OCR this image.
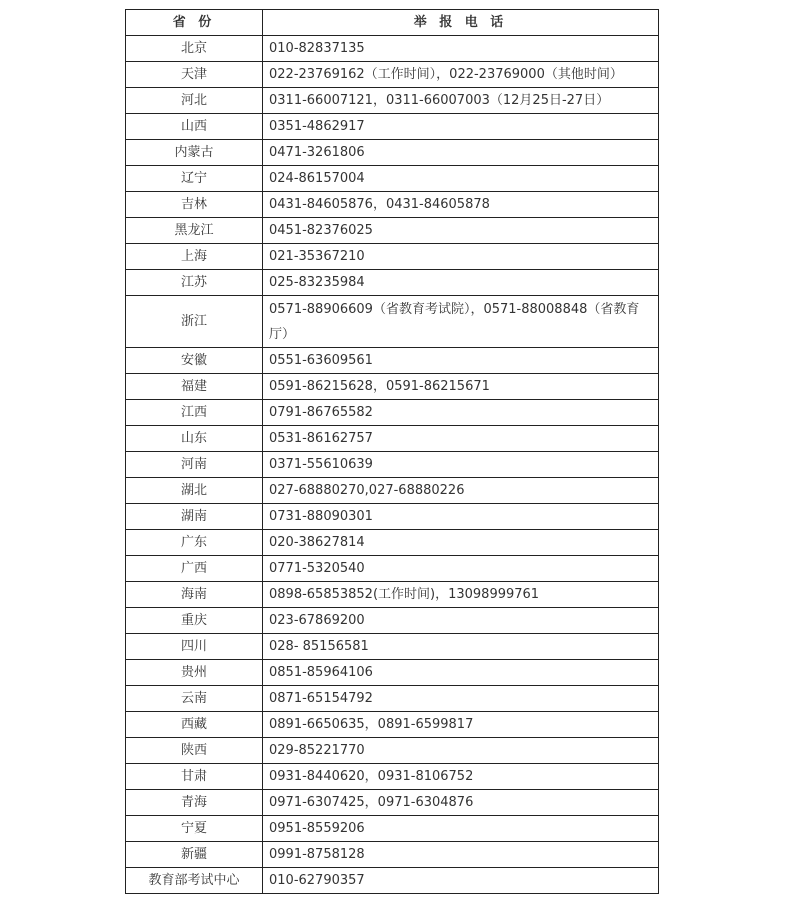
省 份	举 报 电 话
北京	010-82837135
天津	022-23769162（工作时间），022-23769000（其他时间）
河北	0311-66007121，0311-66007003（12月25日-27日）
山西	0351-4862917
内蒙古	0471-3261806
辽宁	024-86157004
吉林	0431-84605876，0431-84605878
黑龙江	0451-82376025
上海	021-35367210
江苏	025-83235984
浙江	0571-88906609（省教育考试院），0571-88008848（省教育厅）
安徽	0551-63609561
福建	0591-86215628，0591-86215671
江西	0791-86765582
山东	0531-86162757
河南	0371-55610639
湖北	027-68880270,027-68880226
湖南	0731-88090301
广东	020-38627814
广西	0771-5320540
海南	0898-65853852(工作时间)，13098999761
重庆	023-67869200
四川	028- 85156581
贵州	0851-85964106
云南	0871-65154792
西藏	0891-6650635，0891-6599817
陕西	029-85221770
甘肃	0931-8440620，0931-8106752
青海	0971-6307425，0971-6304876
宁夏	0951-8559206
新疆	0991-8758128
教育部考试中心	010-62790357
